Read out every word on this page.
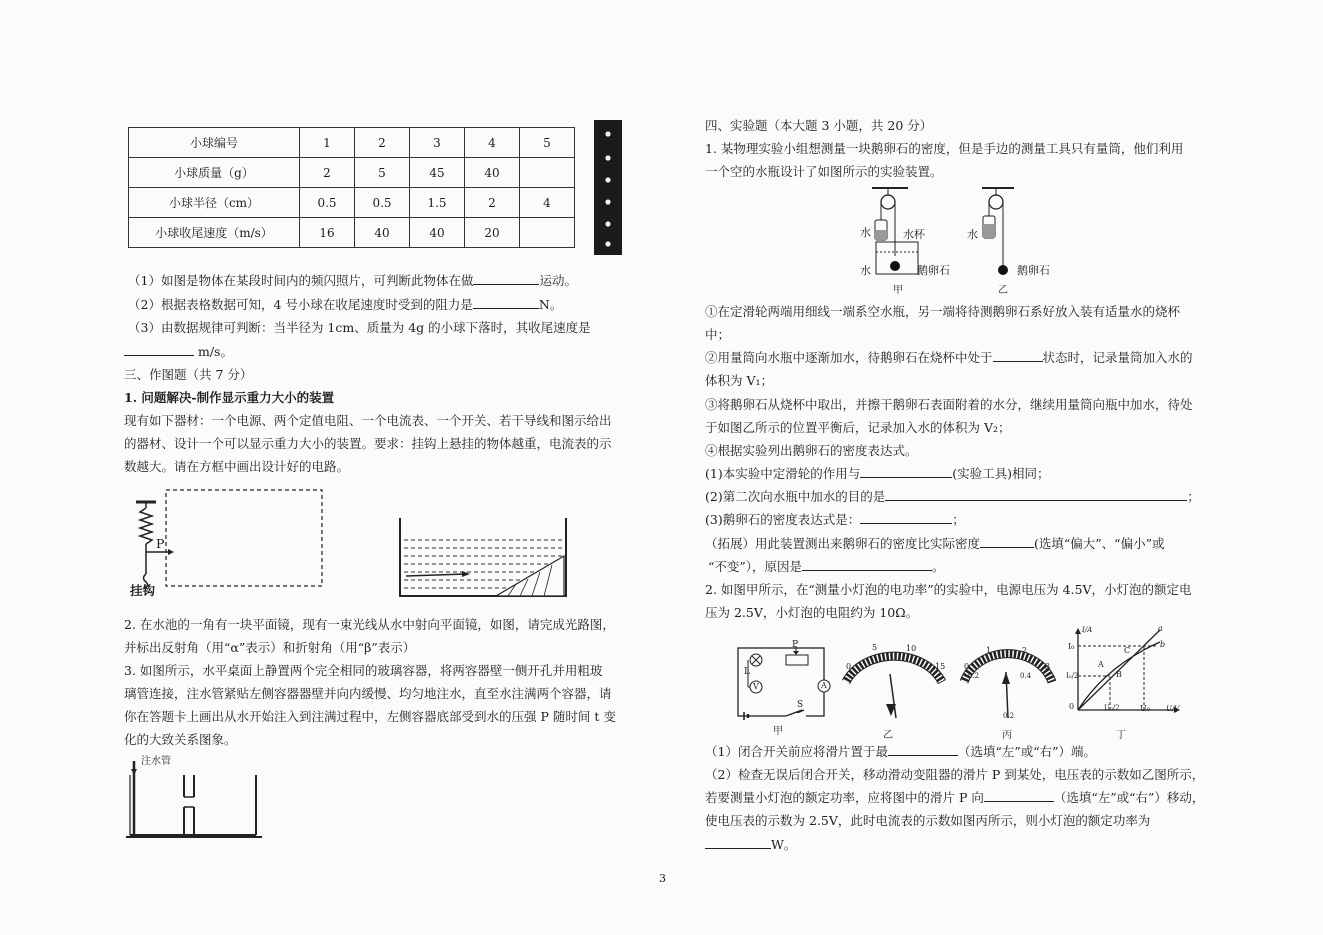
小球编号	1	2	3	4	5
小球质量（g）	2	5	45	40	
小球半径（cm）	0.5	0.5	1.5	2	4
小球收尾速度（m/s）	16	40	40	20	
（1）如图是物体在某段时间内的频闪照片，可判断此物体在做	运动。
（2）根据表格数据可知，4 号小球在收尾速度时受到的阻力是	N。
（3）由数据规律可判断：当半径为 1cm、质量为 4g 的小球下落时，其收尾速度是
m/s。
三、作图题（共 7 分）
1. 问题解决-制作显示重力大小的装置
现有如下器材：一个电源、两个定值电阻、一个电流表、一个开关、若干导线和图示给出
的器材、设计一个可以显示重力大小的装置。要求：挂钩上悬挂的物体越重，电流表的示
数越大。请在方框中画出设计好的电路。
P
挂钩
2. 在水池的一角有一块平面镜，现有一束光线从水中射向平面镜，如图，请完成光路图，
并标出反射角（用“α”表示）和折射角（用“β”表示）
3. 如图所示，水平桌面上静置两个完全相同的玻璃容器，将两容器壁一侧开孔并用粗玻
璃管连接，注水管紧贴左侧容器器壁并向内缓慢、均匀地注水，直至水注满两个容器，请
你在答题卡上画出从水开始注入到注满过程中，左侧容器底部受到水的压强 P 随时间 t 变
化的大致关系图象。
注水管
四、实验题（本大题 3 小题，共 20 分）
1. 某物理实验小组想测量一块鹅卵石的密度，但是手边的测量工具只有量筒，他们利用
一个空的水瓶设计了如图所示的实验装置。
水	水杯
水	鹅卵石
甲
水
鹅卵石
乙
①在定滑轮两端用细线一端系空水瓶，另一端将待测鹅卵石系好放入装有适量水的烧杯
中；
②用量筒向水瓶中逐渐加水，待鹅卵石在烧杯中处于	状态时，记录量筒加入水的
体积为 V₁；
③将鹅卵石从烧杯中取出，并擦干鹅卵石表面附着的水分，继续用量筒向瓶中加水，待处
于如图乙所示的位置平衡后，记录加入水的体积为 V₂；
④根据实验列出鹅卵石的密度表达式。
(1)本实验中定滑轮的作用与	(实验工具)相同；
(2)第二次向水瓶中加水的目的是	；
(3)鹅卵石的密度表达式是：	；
（拓展）用此装置测出来鹅卵石的密度比实际密度	(选填“偏大”、“偏小”或
“不变”），原因是	。
2. 如图甲所示，在“测量小灯泡的电功率”的实验中，电源电压为 4.5V，小灯泡的额定电
压为 2.5V，小灯泡的电阻约为 10Ω。
P
L
V	A
S
甲
0
5	10
15
乙
0
1	2
3
0.2
0.2
0.4
丙
I/A
U/V
I₀
I₀/2
0	U₀/2	U₀
a
b
C
A
B
丁
（1）闭合开关前应将滑片置于最	（选填“左”或“右”）端。
（2）检查无误后闭合开关，移动滑动变阻器的滑片 P 到某处，电压表的示数如乙图所示，
若要测量小灯泡的额定功率，应将图中的滑片 P 向	（选填“左”或“右”）移动，
使电压表的示数为 2.5V，此时电流表的示数如图丙所示，则小灯泡的额定功率为
W。
3
